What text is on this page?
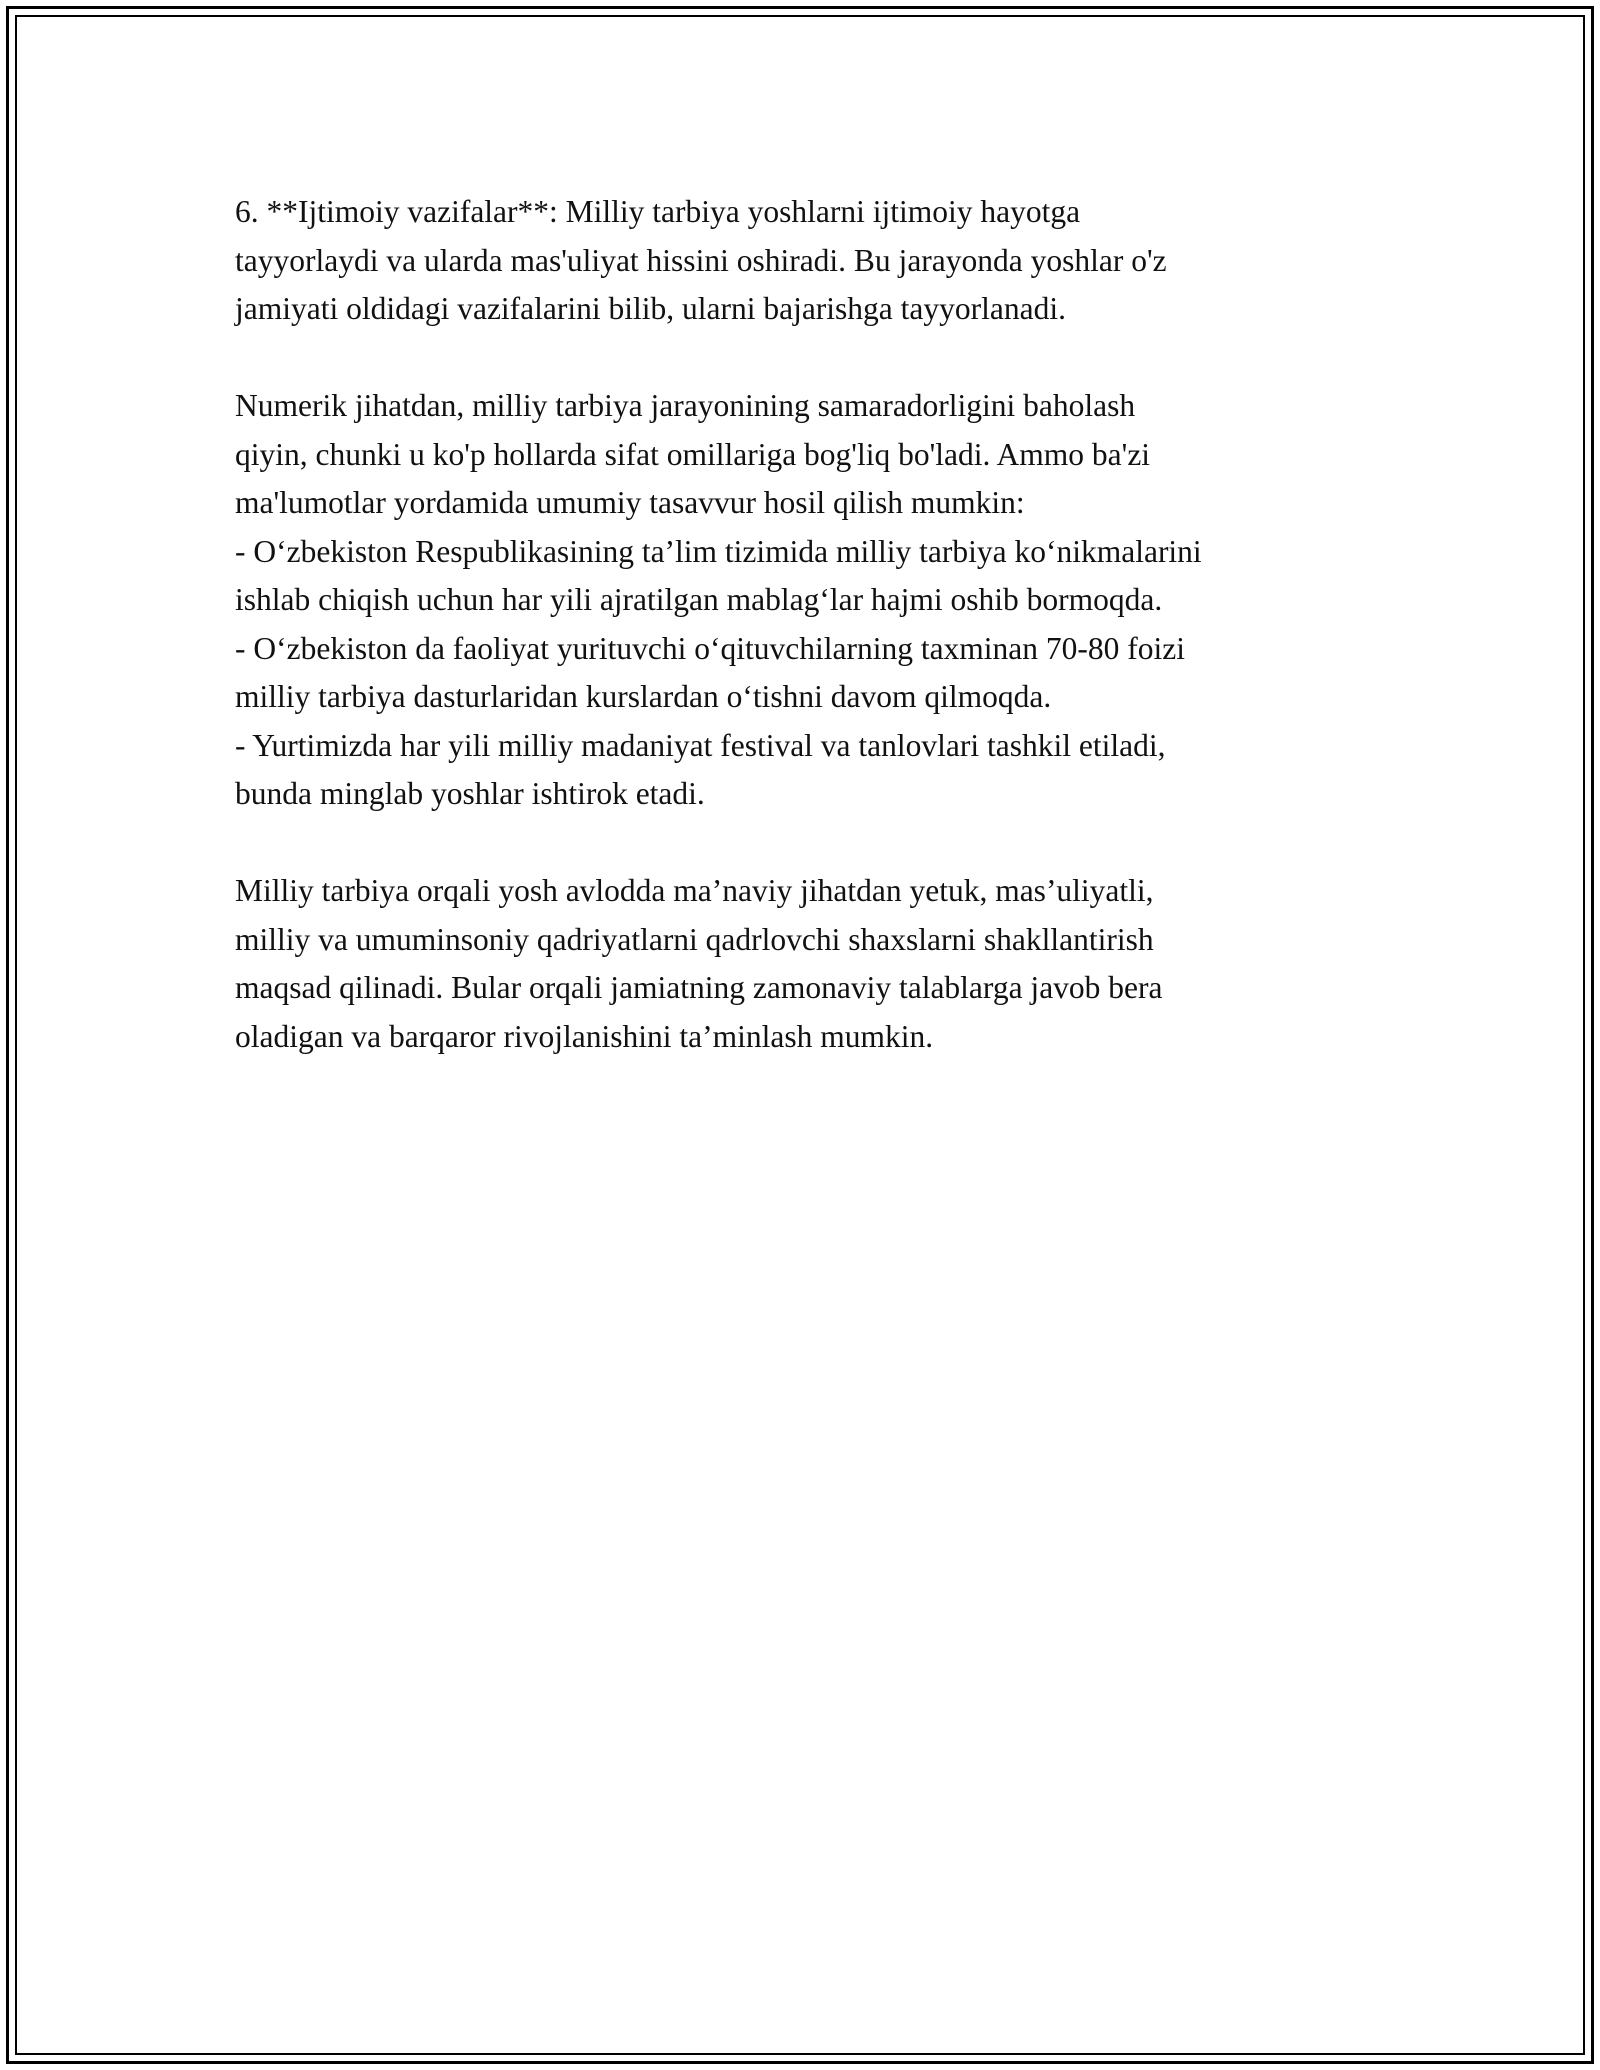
6. **Ijtimoiy vazifalar**: Milliy tarbiya yoshlarni ijtimoiy hayotga
tayyorlaydi va ularda mas'uliyat hissini oshiradi. Bu jarayonda yoshlar o'z
jamiyati oldidagi vazifalarini bilib, ularni bajarishga tayyorlanadi.
Numerik jihatdan, milliy tarbiya jarayonining samaradorligini baholash
qiyin, chunki u ko'p hollarda sifat omillariga bog'liq bo'ladi. Ammo ba'zi
ma'lumotlar yordamida umumiy tasavvur hosil qilish mumkin:
- O‘zbekiston Respublikasining ta’lim tizimida milliy tarbiya ko‘nikmalarini
ishlab chiqish uchun har yili ajratilgan mablag‘lar hajmi oshib bormoqda.
- O‘zbekiston da faoliyat yurituvchi o‘qituvchilarning taxminan 70-80 foizi
milliy tarbiya dasturlaridan kurslardan o‘tishni davom qilmoqda.
- Yurtimizda har yili milliy madaniyat festival va tanlovlari tashkil etiladi,
bunda minglab yoshlar ishtirok etadi.
Milliy tarbiya orqali yosh avlodda ma’naviy jihatdan yetuk, mas’uliyatli,
milliy va umuminsoniy qadriyatlarni qadrlovchi shaxslarni shakllantirish
maqsad qilinadi. Bular orqali jamiatning zamonaviy talablarga javob bera
oladigan va barqaror rivojlanishini ta’minlash mumkin.
